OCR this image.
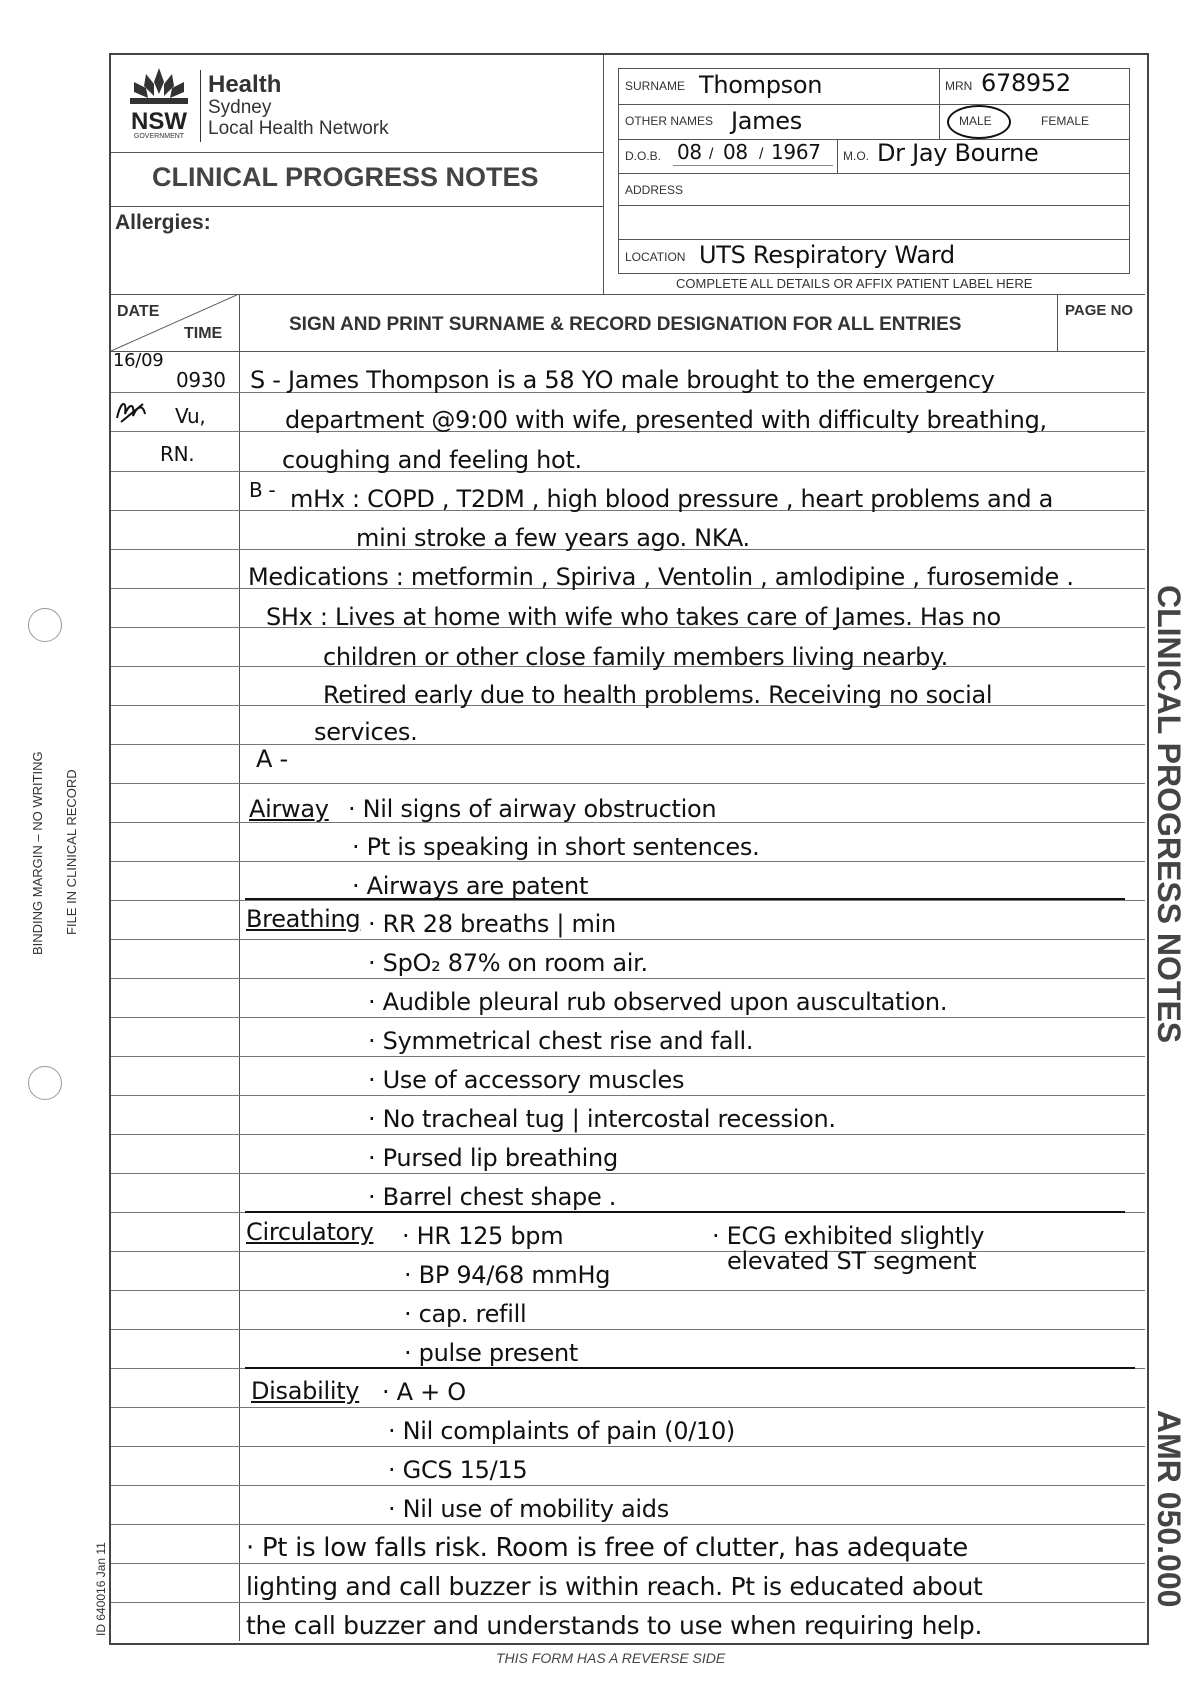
BINDING MARGIN – NO WRITING FILE IN CLINICAL RECORD
ID 640016 Jan 11
CLINICAL PROGRESS NOTES
AMR 050.000
NSW
GOVERNMENT
Health
Sydney
Local Health Network
CLINICAL PROGRESS NOTES
Allergies:
SURNAME Thompson	MRN 678952
OTHER NAMES James	MALE	FEMALE
D.O.B. 08 / 08 / 1967 M.O. Dr Jay Bourne
ADDRESS
LOCATION UTS Respiratory Ward
COMPLETE ALL DETAILS OR AFFIX PATIENT LABEL HERE
DATE
TIME	SIGN AND PRINT SURNAME & RECORD DESIGNATION FOR ALL ENTRIES
PAGE NO
16/09
0930
Vu,
RN.
S - James Thompson is a 58 YO male brought to the emergency
department @9:00 with wife, presented with difficulty breathing,
coughing and feeling hot.
B - mHx : COPD , T2DM , high blood pressure , heart problems and a
mini stroke a few years ago. NKA.
Medications : metformin , Spiriva , Ventolin , amlodipine , furosemide .
SHx : Lives at home with wife who takes care of James. Has no
children or other close family members living nearby.
Retired early due to health problems. Receiving no social
services.
A -
Airway · Nil signs of airway obstruction
· Pt is speaking in short sentences.
· Airways are patent
Breathing · RR 28 breaths | min
· SpO₂ 87% on room air.
· Audible pleural rub observed upon auscultation.
· Symmetrical chest rise and fall.
· Use of accessory muscles
· No tracheal tug | intercostal recession.
· Pursed lip breathing
· Barrel chest shape .
Circulatory · HR 125 bpm	· ECG exhibited slightly
elevated ST segment
· BP 94/68 mmHg
· cap. refill
· pulse present
Disability · A + O
· Nil complaints of pain (0/10)
· GCS 15/15
· Nil use of mobility aids
· Pt is low falls risk. Room is free of clutter, has adequate
lighting and call buzzer is within reach. Pt is educated about
the call buzzer and understands to use when requiring help.
THIS FORM HAS A REVERSE SIDE
